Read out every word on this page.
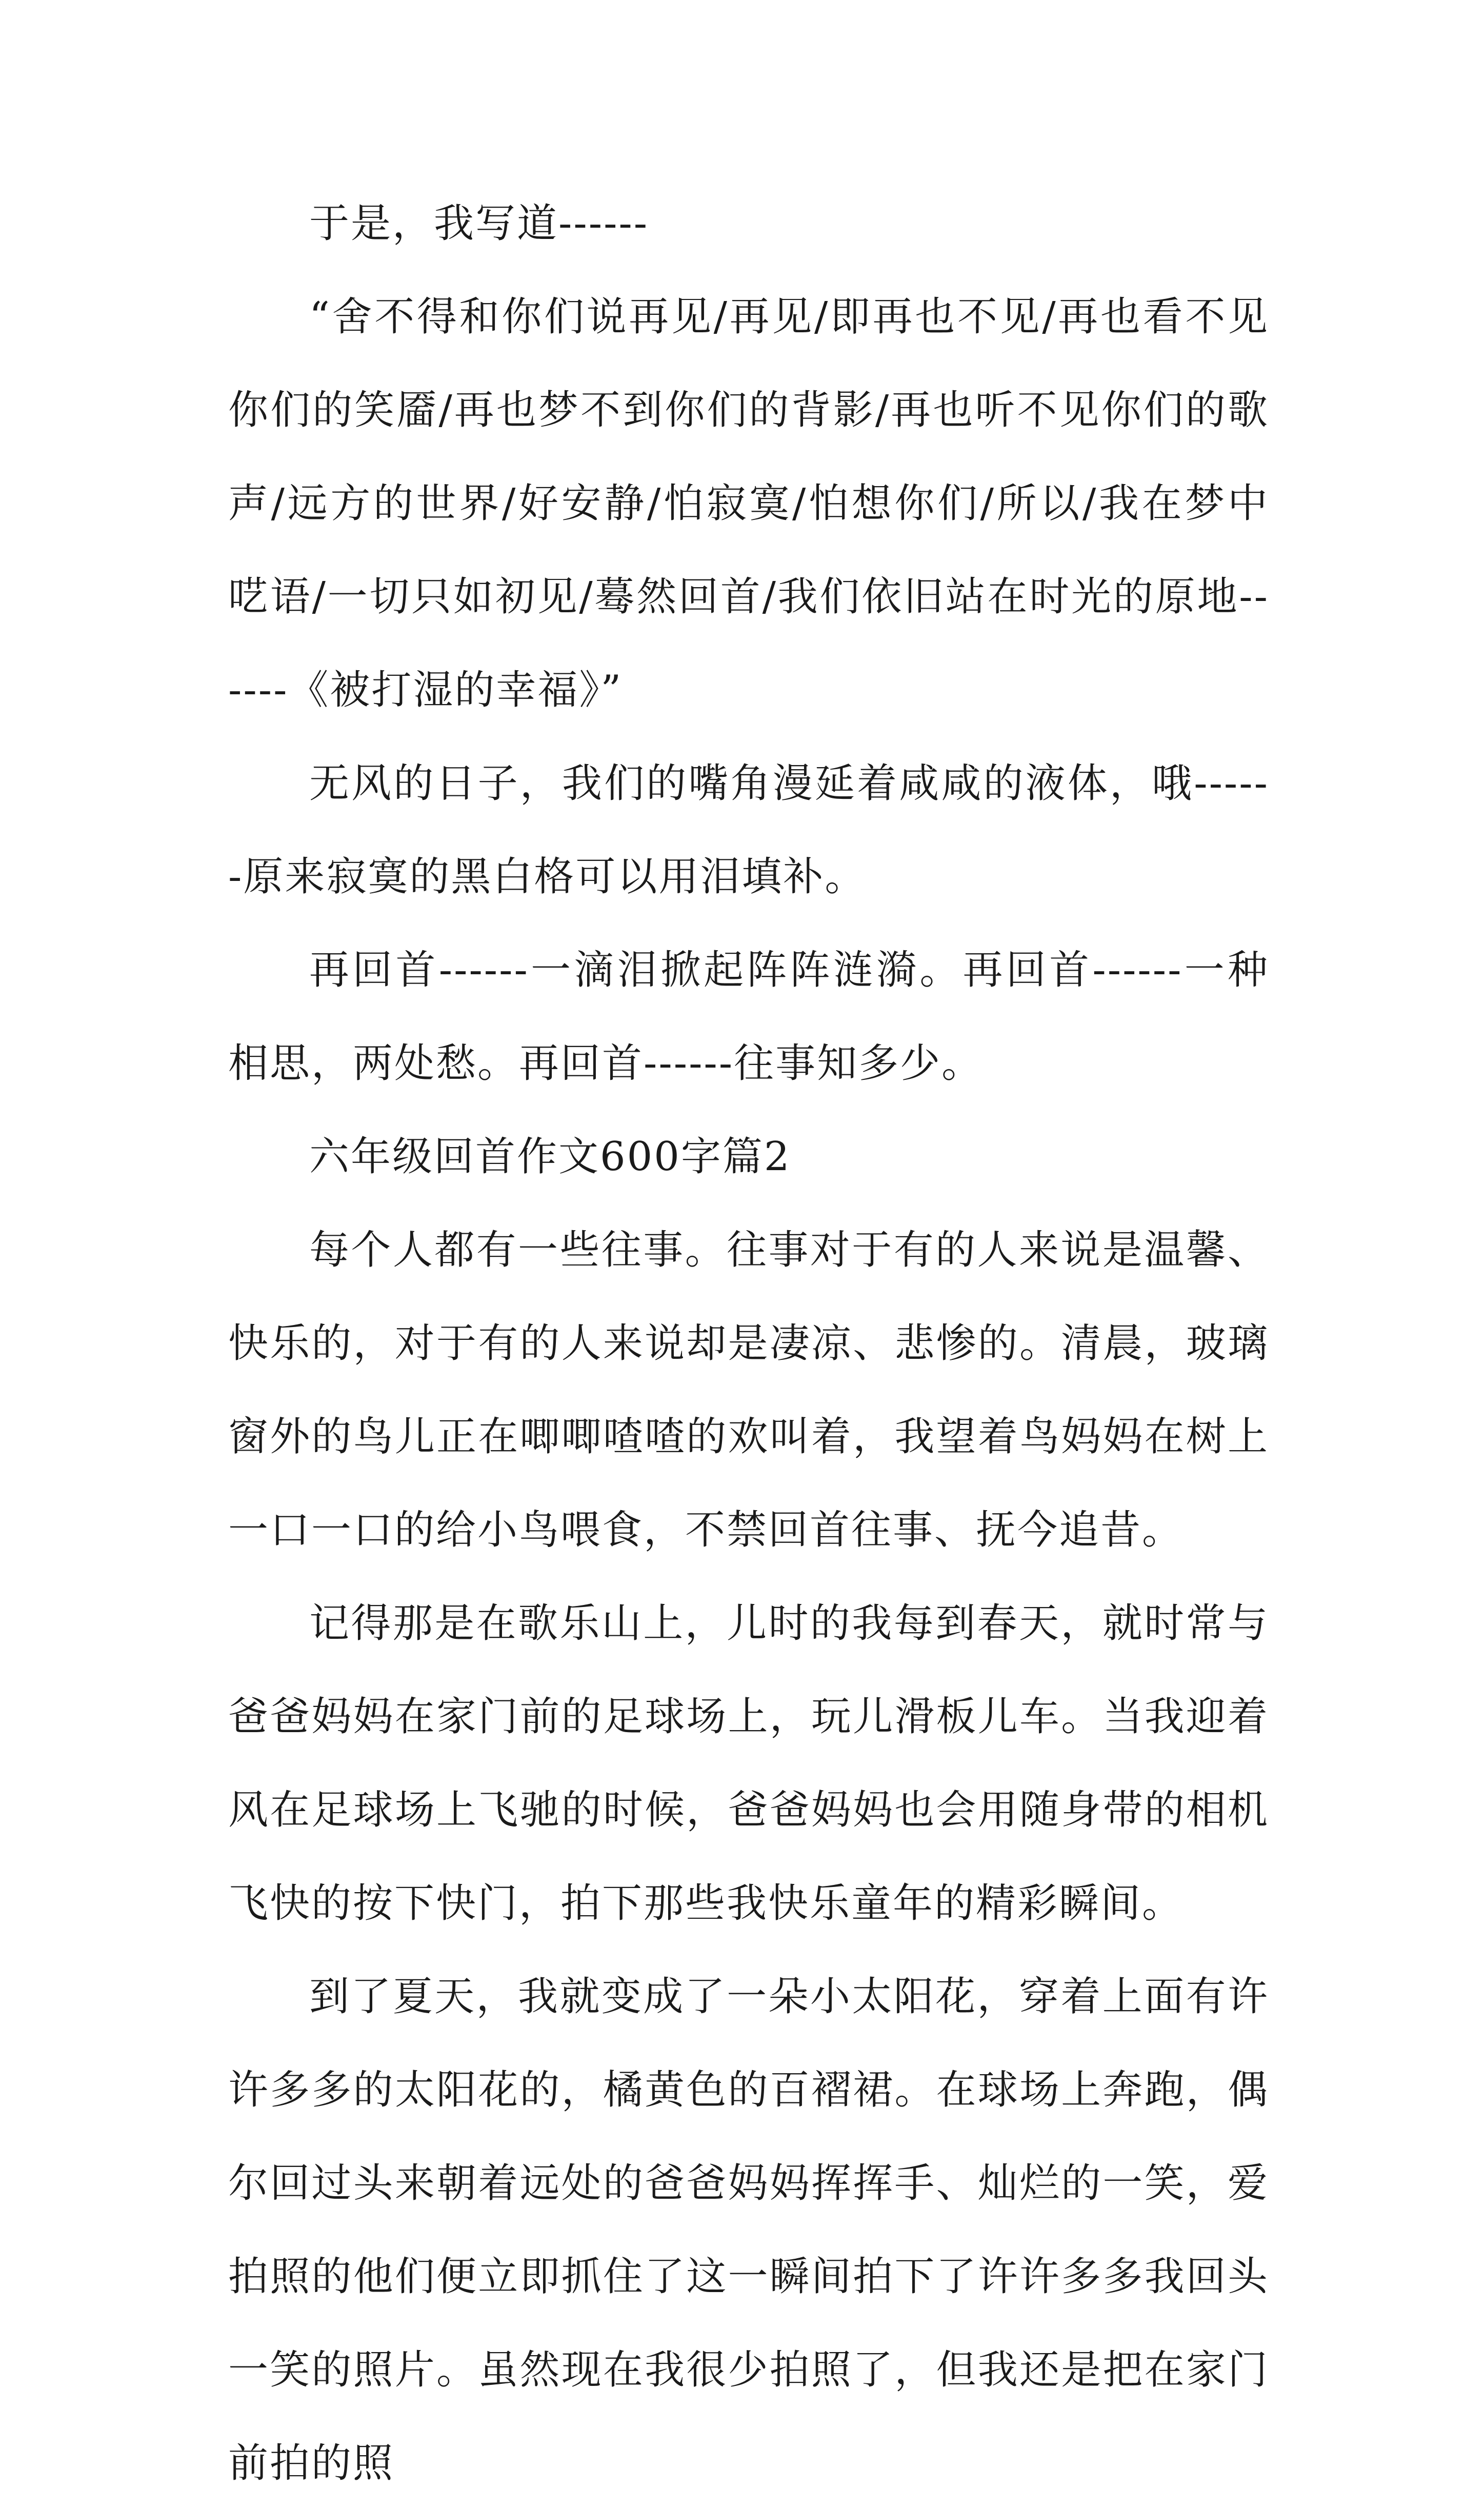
于是，我写道------

“舍不得和你们说再见/再见/即再也不见/再也看不见你们的笑靥/再也梦不到你们的背影/再也听不见你们的歌声/远方的世界/好安静/怕寂寞/怕想你们/所以/我在梦中呓语/一切只如初见/蓦然回首/我们依旧站在时光的原地------《被打湿的幸福》”

无风的日子，我们的嘴角漫延着咸咸的液体，哦------原来寂寞的黑白格可以用泪填补。

再回首------一滴泪掀起阵阵涟漪。再回首------一种相思，两处愁。再回首------往事知多少。

六年级回首作文600字篇2

每个人都有一些往事。往事对于有的人来说是温馨、快乐的，对于有的人来说却是凄凉、悲惨的。清晨，玻璃窗外的鸟儿正在唧唧喳喳的欢叫着，我望着鸟妈妈在树上一口一口的给小鸟喂食，不禁回首往事、抚今追昔。

记得那是在歌乐山上，儿时的我每到春天，就时常与爸爸妈妈在家门前的足球场上，玩儿滑板儿车。当我迎着风在足球场上飞驰的时候，爸爸妈妈也会用随身带的相机飞快的按下快门，拍下那些我快乐童年的精彩瞬间。

到了夏天，我就变成了一朵小太阳花，穿着上面有许许多多的太阳花的，橘黄色的百褶裙。在球场上奔跑，偶尔回过头来朝着远处的爸爸妈妈挥挥手、灿烂的一笑，爱拍照的他们便立即抓住了这一瞬间拍下了许许多多我回头一笑的照片。虽然现在我很少拍照了，但我还是把在家门前拍的照
